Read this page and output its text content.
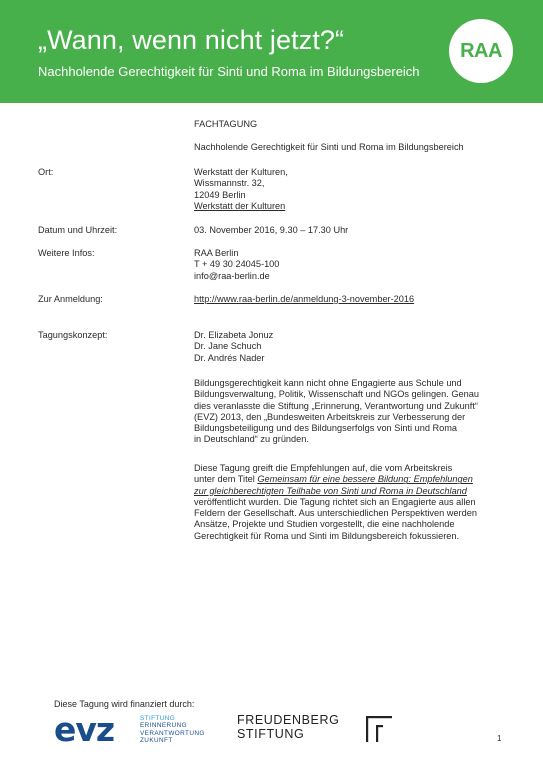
„Wann, wenn nicht jetzt?“
Nachholende Gerechtigkeit für Sinti und Roma im Bildungsbereich
RAA
FACHTAGUNG
Nachholende Gerechtigkeit für Sinti und Roma im Bildungsbereich
Ort:	Werkstatt der Kulturen,
Wissmannstr. 32,
12049 Berlin
Werkstatt der Kulturen
Datum und Uhrzeit:	03. November 2016, 9.30 – 17.30 Uhr
Weitere Infos:	RAA Berlin
T + 49 30 24045-100
info@raa-berlin.de
Zur Anmeldung:	http://www.raa-berlin.de/anmeldung-3-november-2016
Tagungskonzept:	Dr. Elizabeta Jonuz
Dr. Jane Schuch
Dr. Andrés Nader
Bildungsgerechtigkeit kann nicht ohne Engagierte aus Schule und
Bildungsverwaltung, Politik, Wissenschaft und NGOs gelingen. Genau
dies veranlasste die Stiftung „Erinnerung, Verantwortung und Zukunft“
(EVZ) 2013, den „Bundesweiten Arbeitskreis zur Verbesserung der
Bildungsbeteiligung und des Bildungserfolgs von Sinti und Roma
in Deutschland“ zu gründen.
Diese Tagung greift die Empfehlungen auf, die vom Arbeitskreis
unter dem Titel Gemeinsam für eine bessere Bildung: Empfehlungen
zur gleichberechtigten Teilhabe von Sinti und Roma in Deutschland
veröffentlicht wurden. Die Tagung richtet sich an Engagierte aus allen
Feldern der Gesellschaft. Aus unterschiedlichen Perspektiven werden
Ansätze, Projekte und Studien vorgestellt, die eine nachholende
Gerechtigkeit für Roma und Sinti im Bildungsbereich fokussieren.
Diese Tagung wird finanziert durch:
evz	STIFTUNG
ERINNERUNG
VERANTWORTUNG
ZUKUNFT
FREUDENBERG
STIFTUNG	1
